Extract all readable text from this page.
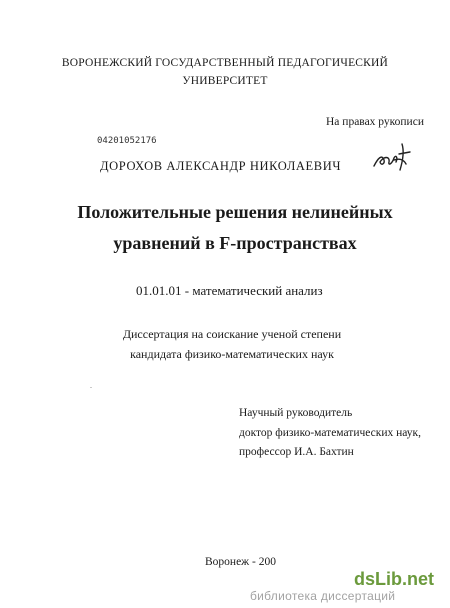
ВОРОНЕЖСКИЙ ГОСУДАРСТВЕННЫЙ ПЕДАГОГИЧЕСКИЙ
УНИВЕРСИТЕТ
На правах рукописи
04201052176
ДОРОХОВ АЛЕКСАНДР НИКОЛАЕВИЧ
Положительные решения нелинейных
уравнений в F-пространствах
01.01.01 - математический анализ
Диссертация на соискание ученой степени
кандидата физико-математических наук
.
Научный руководитель
доктор физико-математических наук,
профессор И.А. Бахтин
Воронеж - 200
dsLib.net
библиотека диссертаций
